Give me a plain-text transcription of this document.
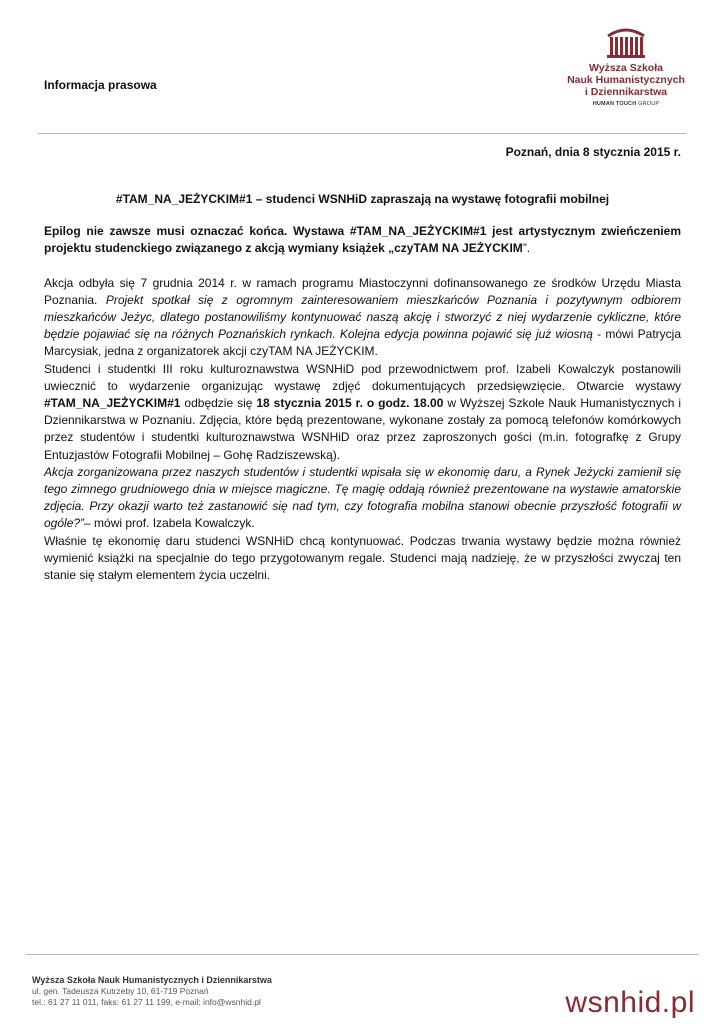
Informacja prasowa
Wyższa Szkoła
Nauk Humanistycznych
i Dziennikarstwa
HUMAN TOUCH GROUP
Poznań, dnia 8 stycznia 2015 r.
#TAM_NA_JEŻYCKIM#1 – studenci WSNHiD zapraszają na wystawę fotografii mobilnej

Epilog nie zawsze musi oznaczać końca. Wystawa #TAM_NA_JEŻYCKIM#1 jest artystycznym zwieńczeniem projektu studenckiego związanego z akcją wymiany książek „czyTAM NA JEŻYCKIM”.

Akcja odbyła się 7 grudnia 2014 r. w ramach programu Miastoczynni dofinansowanego ze środków Urzędu Miasta Poznania. Projekt spotkał się z ogromnym zainteresowaniem mieszkańców Poznania i pozytywnym odbiorem mieszkańców Jeżyc, dlatego postanowiliśmy kontynuować naszą akcję i stworzyć z niej wydarzenie cykliczne, które będzie pojawiać się na różnych Poznańskich rynkach. Kolejna edycja powinna pojawić się już wiosną - mówi Patrycja Marcysiak, jedna z organizatorek akcji czyTAM NA JEŻYCKIM.

Studenci i studentki III roku kulturoznawstwa WSNHiD pod przewodnictwem prof. Izabeli Kowalczyk postanowili uwiecznić to wydarzenie organizując wystawę zdjęć dokumentujących przedsięwzięcie. Otwarcie wystawy #TAM_NA_JEŻYCKIM#1 odbędzie się 18 stycznia 2015 r. o godz. 18.00 w Wyższej Szkole Nauk Humanistycznych i Dziennikarstwa w Poznaniu. Zdjęcia, które będą prezentowane, wykonane zostały za pomocą telefonów komórkowych przez studentów i studentki kulturoznawstwa WSNHiD oraz przez zaproszonych gości (m.in. fotografkę z Grupy Entuzjastów Fotografii Mobilnej – Gohę Radziszewską).

Akcja zorganizowana przez naszych studentów i studentki wpisała się w ekonomię daru, a Rynek Jeżycki zamienił się tego zimnego grudniowego dnia w miejsce magiczne. Tę magię oddają również prezentowane na wystawie amatorskie zdjęcia. Przy okazji warto też zastanowić się nad tym, czy fotografia mobilna stanowi obecnie przyszłość fotografii w ogóle?”– mówi prof. Izabela Kowalczyk.

Właśnie tę ekonomię daru studenci WSNHiD chcą kontynuować. Podczas trwania wystawy będzie można również wymienić książki na specjalnie do tego przygotowanym regale. Studenci mają nadzieję, że w przyszłości zwyczaj ten stanie się stałym elementem życia uczelni.

Wyższa Szkoła Nauk Humanistycznych i Dziennikarstwa
ul. gen. Tadeusza Kutrzeby 10, 61-719 Poznań
tel.: 61 27 11 011, faks: 61 27 11 199, e-mail: info@wsnhid.pl	wsnhid.pl
